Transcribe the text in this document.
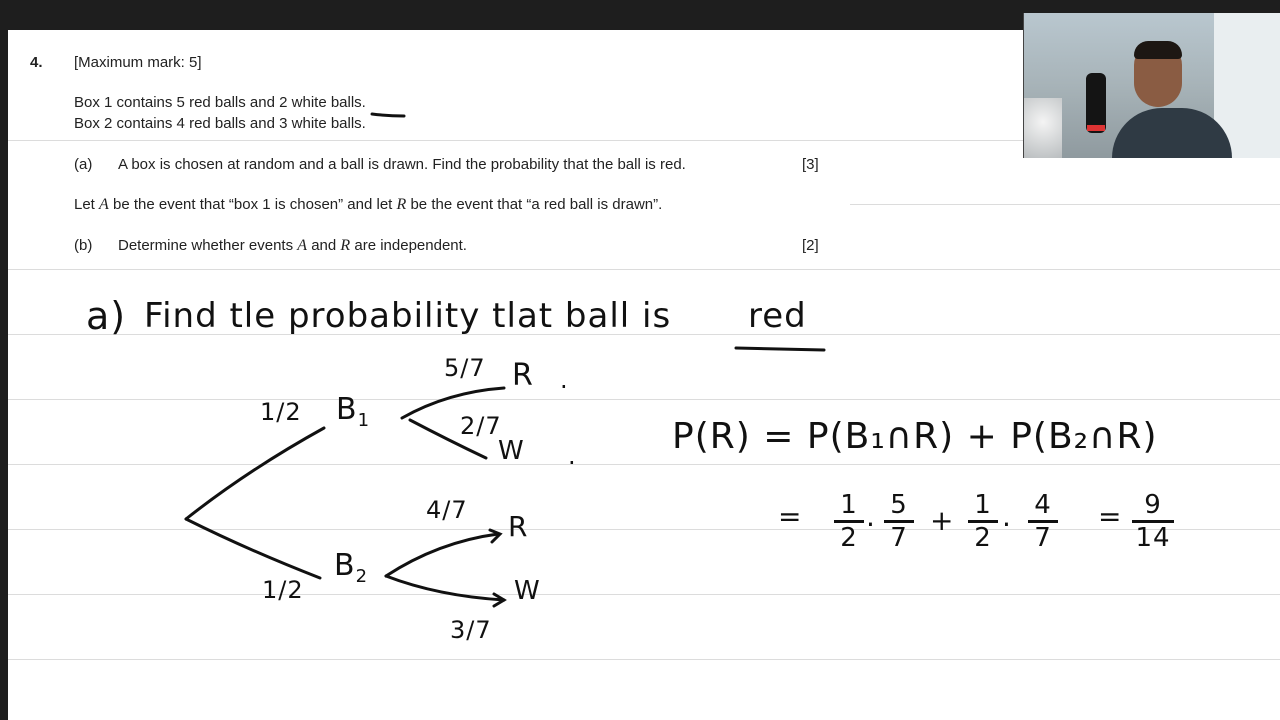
4. [Maximum mark: 5]
Box 1 contains 5 red balls and 2 white balls.
Box 2 contains 4 red balls and 3 white balls.
(a) A box is chosen at random and a ball is drawn. Find the probability that the ball is red.	[3]
Let A be the event that “box 1 is chosen” and let R be the event that “a red ball is drawn”.
(b) Determine whether events A and R are independent.	[2]
a) Find tle probability tlat ball is red
1/2
1/2
$B_1$
$B_2$
5/7 R .
2/7
W .
4/7 R
W
3/7
P(R) = P(B₁∩R) + P(B₂∩R)
= 1
2 ·
5
7
+ 1
2 ·
4
7
= 9
14
